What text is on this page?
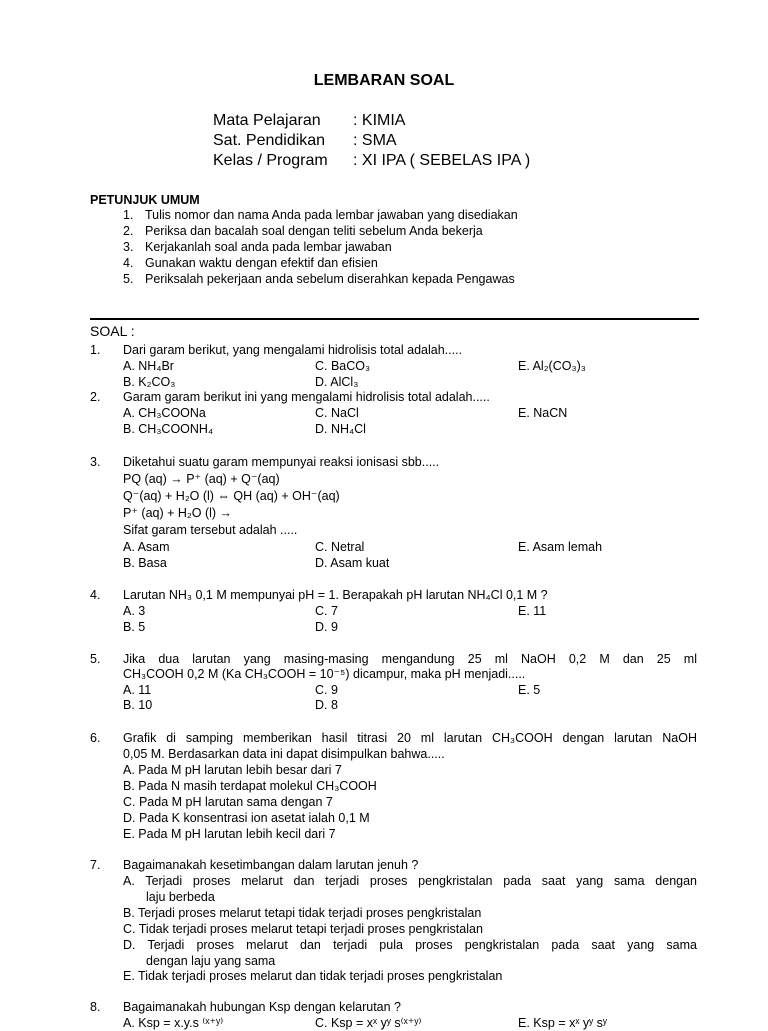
LEMBARAN SOAL
Mata Pelajaran : KIMIA
Sat. Pendidikan : SMA
Kelas / Program : XI IPA ( SEBELAS IPA )
PETUNJUK UMUM
1. Tulis nomor dan nama Anda pada lembar jawaban yang disediakan
2. Periksa dan bacalah soal dengan teliti sebelum Anda bekerja
3. Kerjakanlah soal anda pada lembar jawaban
4. Gunakan waktu dengan efektif dan efisien
5. Periksalah pekerjaan anda sebelum diserahkan kepada Pengawas
SOAL :
1. Dari garam berikut, yang mengalami hidrolisis total adalah.....
A. NH₄Br	C. BaCO₃	E. Al₂(CO₃)₃
B. K₂CO₃	D. AlCl₃
2. Garam garam berikut ini yang mengalami hidrolisis total adalah.....
A. CH₃COONa	C. NaCl	E. NaCN
B. CH₃COONH₄	D. NH₄Cl
3. Diketahui suatu garam mempunyai reaksi ionisasi sbb.....
PQ (aq) → P⁺ (aq) + Q⁻(aq)
Q⁻(aq) + H₂O (l) ⇔ QH (aq) + OH⁻(aq)
P⁺ (aq) + H₂O (l) →
Sifat garam tersebut adalah .....
A. Asam	C. Netral	E. Asam lemah
B. Basa	D. Asam kuat
4. Larutan NH₃ 0,1 M mempunyai pH = 1. Berapakah pH larutan NH₄Cl 0,1 M ?
A. 3	C. 7	E. 11
B. 5	D. 9
5. Jika dua larutan yang masing-masing mengandung 25 ml NaOH 0,2 M dan 25 ml
CH₃COOH 0,2 M (Ka CH₃COOH = 10⁻⁵) dicampur, maka pH menjadi.....
A. 11	C. 9	E. 5
B. 10	D. 8
6. Grafik di samping memberikan hasil titrasi 20 ml larutan CH₃COOH dengan larutan NaOH
0,05 M. Berdasarkan data ini dapat disimpulkan bahwa.....
A. Pada M pH larutan lebih besar dari 7
B. Pada N masih terdapat molekul CH₃COOH
C. Pada M pH larutan sama dengan 7
D. Pada K konsentrasi ion asetat ialah 0,1 M
E. Pada M pH larutan lebih kecil dari 7
7. Bagaimanakah kesetimbangan dalam larutan jenuh ?
A. Terjadi proses melarut dan terjadi proses pengkristalan pada saat yang sama dengan
laju berbeda
B. Terjadi proses melarut tetapi tidak terjadi proses pengkristalan
C. Tidak terjadi proses melarut tetapi terjadi proses pengkristalan
D. Terjadi proses melarut dan terjadi pula proses pengkristalan pada saat yang sama
dengan laju yang sama
E. Tidak terjadi proses melarut dan tidak terjadi proses pengkristalan
8. Bagaimanakah hubungan Ksp dengan kelarutan ?
A. Ksp = x.y.s ⁽ˣ⁺ʸ⁾	C. Ksp = xˣ yʸ s⁽ˣ⁺ʸ⁾	E. Ksp = xˣ yʸ sʸ
